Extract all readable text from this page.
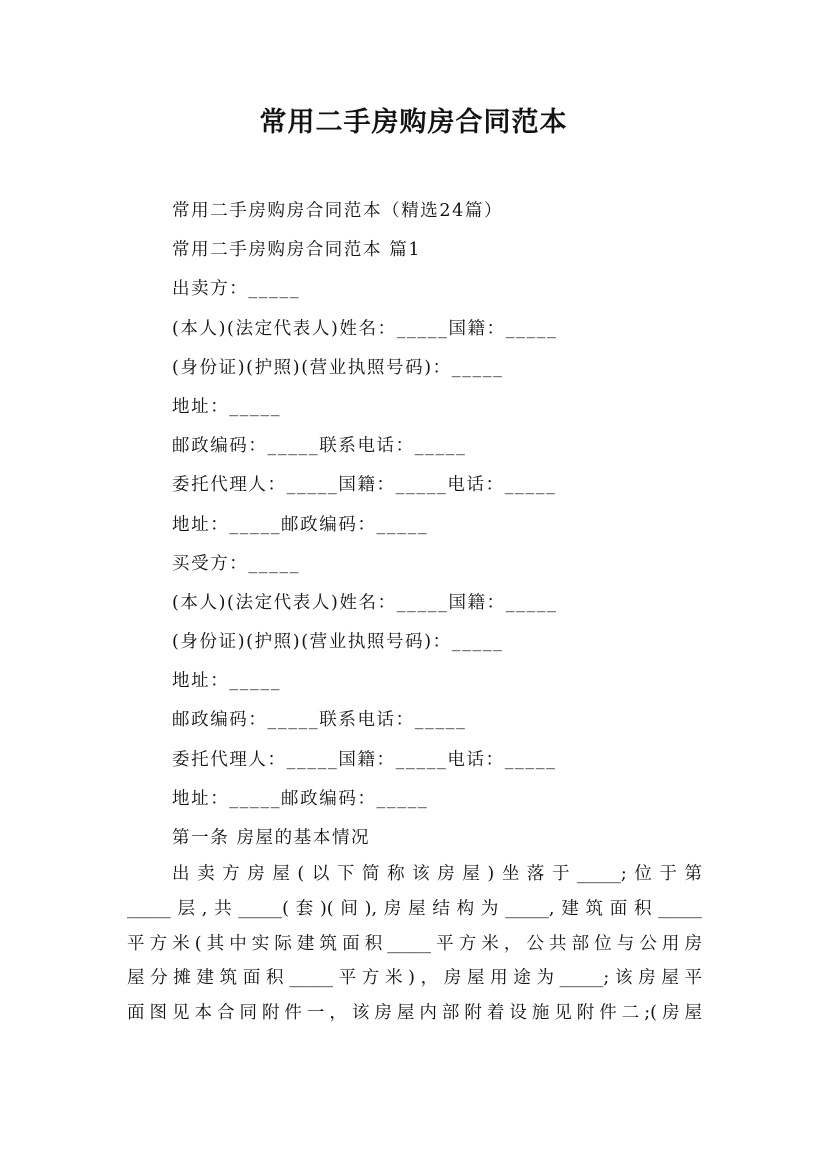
常用二手房购房合同范本
常用二手房购房合同范本（精选24篇）
常用二手房购房合同范本 篇1
出卖方：_____
(本人)(法定代表人)姓名：_____国籍：_____
(身份证)(护照)(营业执照号码)：_____
地址：_____
邮政编码：_____联系电话：_____
委托代理人：_____国籍：_____电话：_____
地址：_____邮政编码：_____
买受方：_____
(本人)(法定代表人)姓名：_____国籍：_____
(身份证)(护照)(营业执照号码)：_____
地址：_____
邮政编码：_____联系电话：_____
委托代理人：_____国籍：_____电话：_____
地址：_____邮政编码：_____
第一条 房屋的基本情况
出卖方房屋(以下简称该房屋)坐落于_____;位于第
_____层,共_____(套)(间),房屋结构为_____,建筑面积_____
平方米(其中实际建筑面积_____平方米，公共部位与公用房
屋分摊建筑面积_____平方米)，房屋用途为_____;该房屋平
面图见本合同附件一，该房屋内部附着设施见附件二;(房屋
